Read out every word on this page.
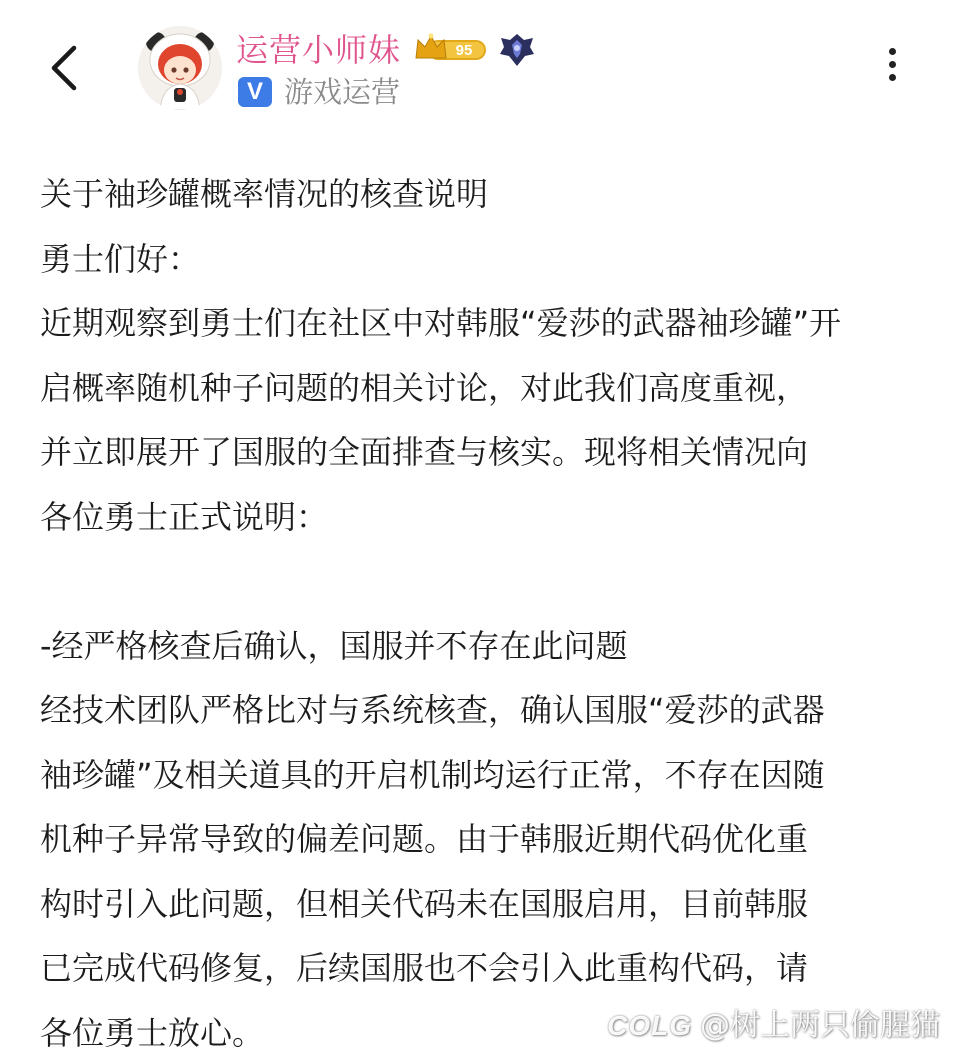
运营小师妹	95
V 游戏运营

关于袖珍罐概率情况的核查说明

勇士们好：

近期观察到勇士们在社区中对韩服“爱莎的武器袖珍罐”开

启概率随机种子问题的相关讨论，对此我们高度重视，

并立即展开了国服的全面排查与核实。现将相关情况向

各位勇士正式说明：

-经严格核查后确认，国服并不存在此问题

经技术团队严格比对与系统核查，确认国服“爱莎的武器

袖珍罐”及相关道具的开启机制均运行正常，不存在因随

机种子异常导致的偏差问题。由于韩服近期代码优化重

构时引入此问题，但相关代码未在国服启用，目前韩服

已完成代码修复，后续国服也不会引入此重构代码，请

各位勇士放心。	COLG @树上两只偷腥猫
